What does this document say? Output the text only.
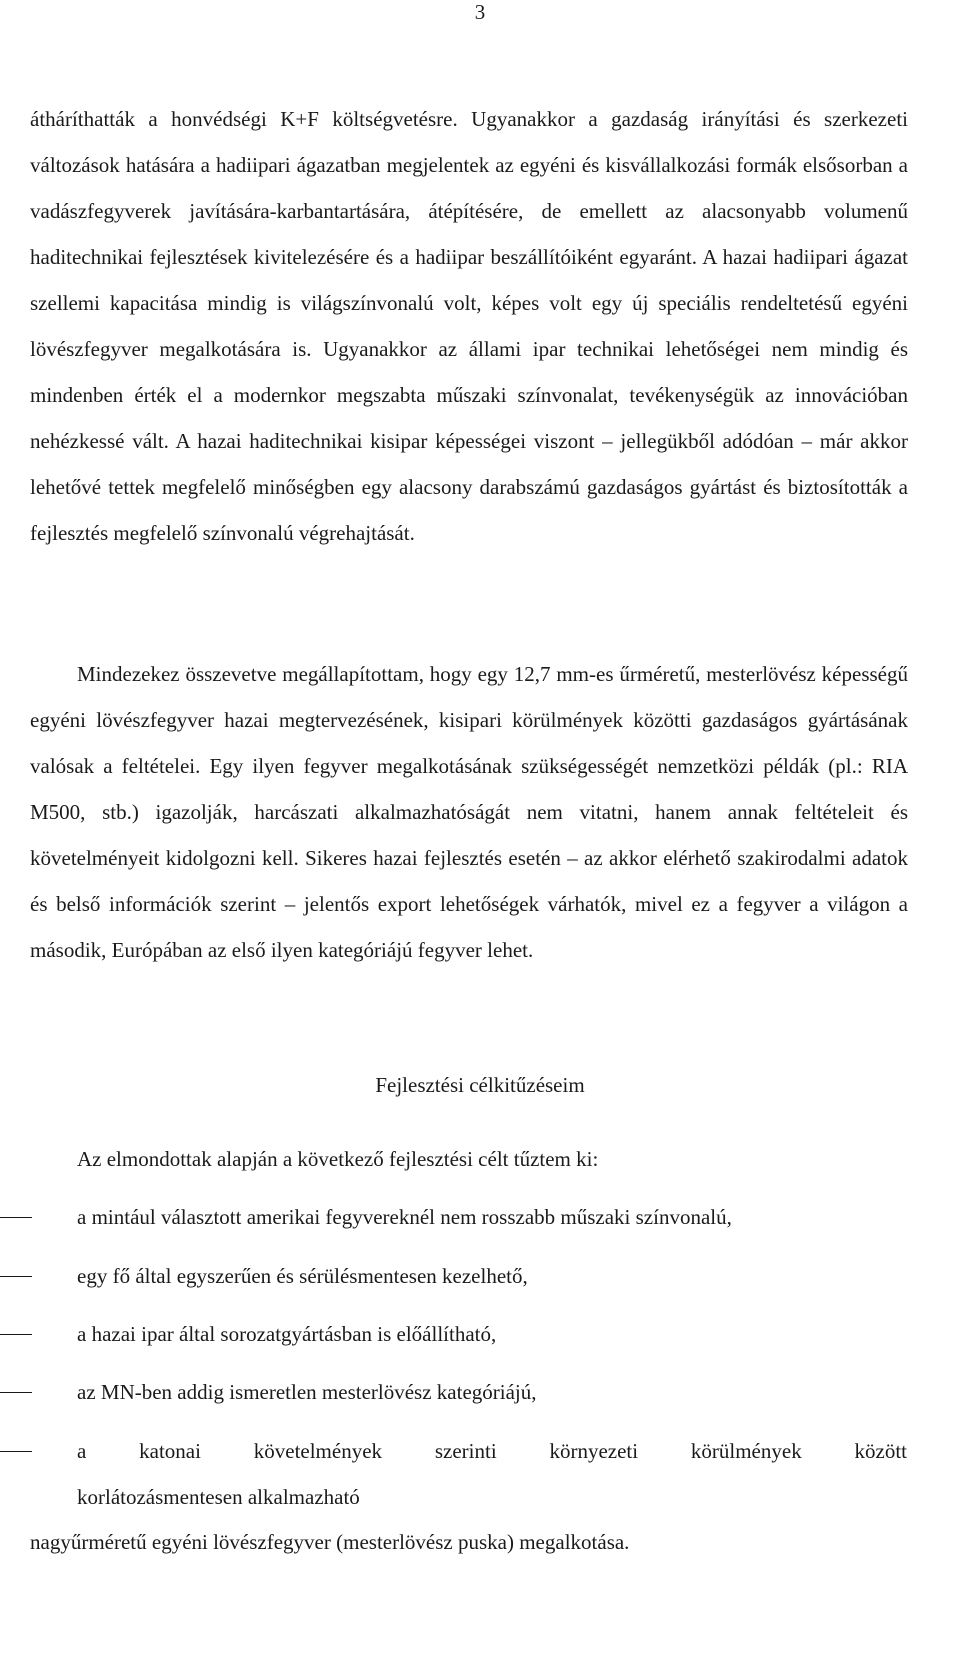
3

átháríthatták a honvédségi K+F költségvetésre. Ugyanakkor a gazdaság irányítási és szerkezeti változások hatására a hadiipari ágazatban megjelentek az egyéni és kisvállalkozási formák elsősorban a vadászfegyverek javítására-karbantartására, átépítésére, de emellett az alacsonyabb volumenű haditechnikai fejlesztések kivitelezésére és a hadiipar beszállítóiként egyaránt. A hazai hadiipari ágazat szellemi kapacitása mindig is világszínvonalú volt, képes volt egy új speciális rendeltetésű egyéni lövészfegyver megalkotására is. Ugyanakkor az állami ipar technikai lehetőségei nem mindig és mindenben érték el a modernkor megszabta műszaki színvonalat, tevékenységük az innovációban nehézkessé vált. A hazai haditechnikai kisipar képességei viszont – jellegükből adódóan – már akkor lehetővé tettek megfelelő minőségben egy alacsony darabszámú gazdaságos gyártást és biztosították a fejlesztés megfelelő színvonalú végrehajtását.

Mindezekez összevetve megállapítottam, hogy egy 12,7 mm-es űrméretű, mesterlövész képességű egyéni lövészfegyver hazai megtervezésének, kisipari körülmények közötti gazdaságos gyártásának valósak a feltételei. Egy ilyen fegyver megalkotásának szükségességét nemzetközi példák (pl.: RIA M500, stb.) igazolják, harcászati alkalmazhatóságát nem vitatni, hanem annak feltételeit és követelményeit kidolgozni kell. Sikeres hazai fejlesztés esetén – az akkor elérhető szakirodalmi adatok és belső információk szerint – jelentős export lehetőségek várhatók, mivel ez a fegyver a világon a második, Európában az első ilyen kategóriájú fegyver lehet.

Fejlesztési célkitűzéseim

Az elmondottak alapján a következő fejlesztési célt tűztem ki:

a mintául választott amerikai fegyvereknél nem rosszabb műszaki színvonalú,
egy fő által egyszerűen és sérülésmentesen kezelhető,
a hazai ipar által sorozatgyártásban is előállítható,
az MN-ben addig ismeretlen mesterlövész kategóriájú,
a katonai követelmények szerinti környezeti körülmények között
korlátozásmentesen alkalmazható

nagyűrméretű egyéni lövészfegyver (mesterlövész puska) megalkotása.
